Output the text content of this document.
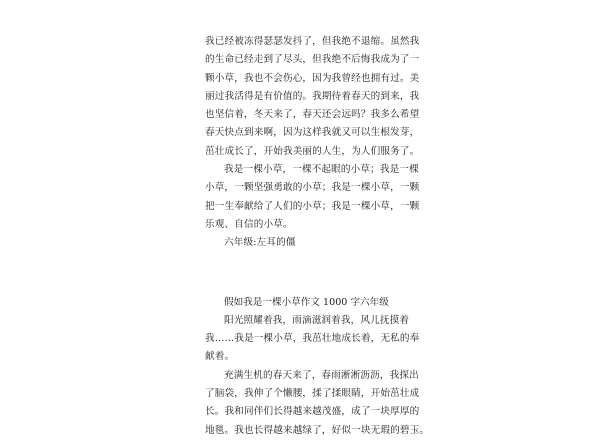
我已经被冻得瑟瑟发抖了，但我绝不退缩。虽然我
的生命已经走到了尽头，但我绝不后悔我成为了一
颗小草，我也不会伤心，因为我曾经也拥有过。美
丽过我活得是有价值的。我期待着春天的到来，我
也坚信着，冬天来了，春天还会远吗？我多么希望
春天快点到来啊，因为这样我就又可以生根发芽，
茁壮成长了，开始我美丽的人生，为人们服务了。
我是一棵小草，一棵不起眼的小草；我是一棵
小草，一颗坚强勇敢的小草；我是一棵小草，一颗
把一生奉献给了人们的小草；我是一棵小草，一颗
乐观、自信的小草。
六年级:左耳的僵
假如我是一棵小草作文 1000 字六年级
阳光照耀着我，雨滴滋润着我，风儿抚摸着
我……我是一棵小草，我茁壮地成长着，无私的奉
献着。
充满生机的春天来了，春雨淅淅沥沥，我探出
了脑袋，我伸了个懒腰，揉了揉眼睛，开始茁壮成
长。我和同伴们长得越来越茂盛，成了一块厚厚的
地毯。我也长得越来越绿了，好似一块无瑕的碧玉。
